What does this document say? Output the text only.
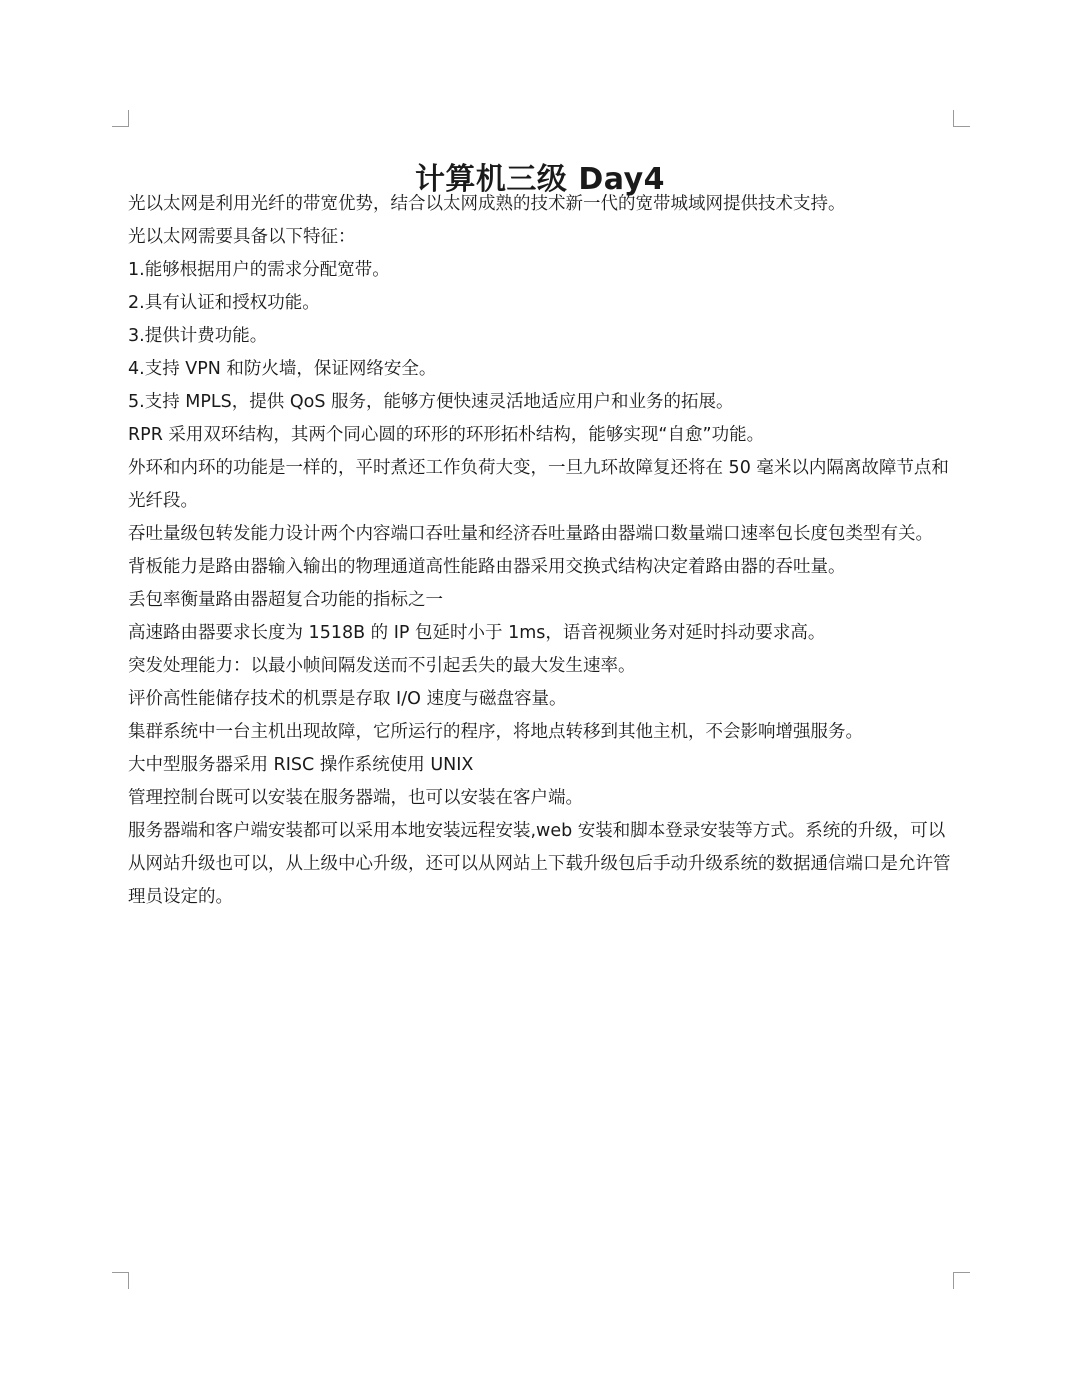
计算机三级 Day4

光以太网是利用光纤的带宽优势，结合以太网成熟的技术新一代的宽带城域网提供技术支持。

光以太网需要具备以下特征：

1.能够根据用户的需求分配宽带。

2.具有认证和授权功能。

3.提供计费功能。

4.支持 VPN 和防火墙，保证网络安全。

5.支持 MPLS，提供 QoS 服务，能够方便快速灵活地适应用户和业务的拓展。

RPR 采用双环结构，其两个同心圆的环形的环形拓朴结构，能够实现“自愈”功能。

外环和内环的功能是一样的，平时煮还工作负荷大变，一旦九环故障复还将在 50 毫米以内隔离故障节点和光纤段。

吞吐量级包转发能力设计两个内容端口吞吐量和经济吞吐量路由器端口数量端口速率包长度包类型有关。

背板能力是路由器输入输出的物理通道高性能路由器采用交换式结构决定着路由器的吞吐量。

丢包率衡量路由器超复合功能的指标之一

高速路由器要求长度为 1518B 的 IP 包延时小于 1ms，语音视频业务对延时抖动要求高。

突发处理能力：以最小帧间隔发送而不引起丢失的最大发生速率。

评价高性能储存技术的机票是存取 I/O 速度与磁盘容量。

集群系统中一台主机出现故障，它所运行的程序，将地点转移到其他主机，不会影响增强服务。

大中型服务器采用 RISC 操作系统使用 UNIX

管理控制台既可以安装在服务器端，也可以安装在客户端。

服务器端和客户端安装都可以采用本地安装远程安装,web 安装和脚本登录安装等方式。系统的升级，可以从网站升级也可以，从上级中心升级，还可以从网站上下载升级包后手动升级系统的数据通信端口是允许管理员设定的。
